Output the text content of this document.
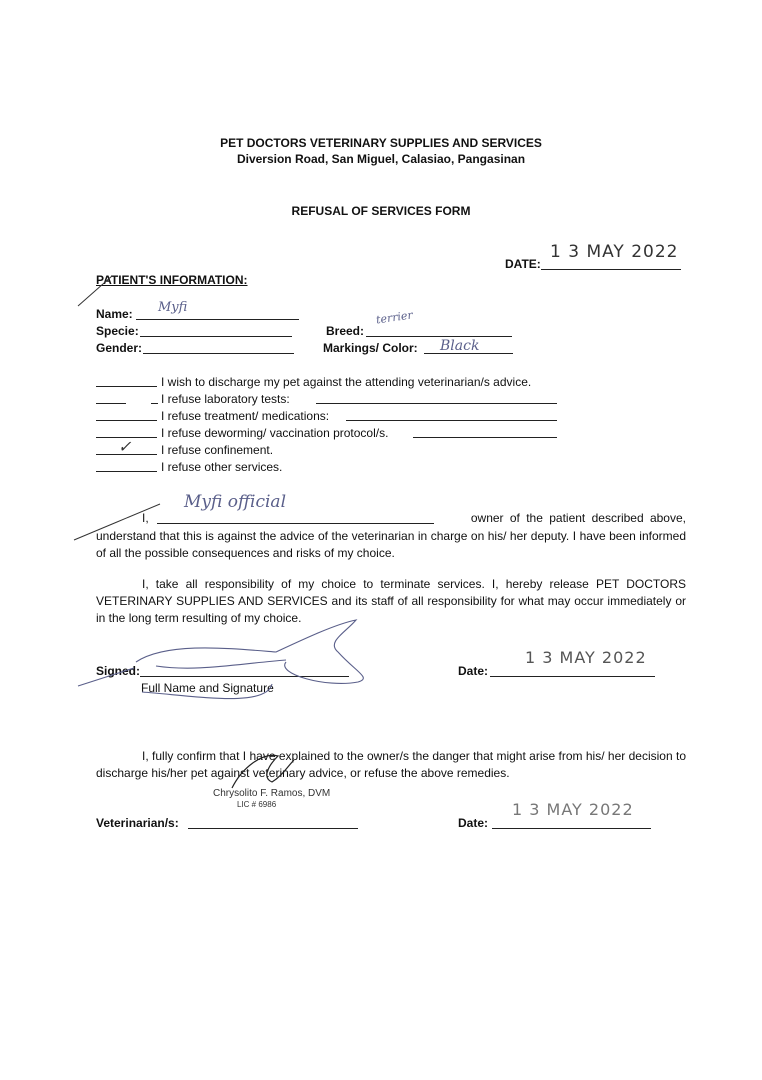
PET DOCTORS VETERINARY SUPPLIES AND SERVICES
Diversion Road, San Miguel, Calasiao, Pangasinan
REFUSAL OF SERVICES FORM
DATE:
1 3 MAY 2022
PATIENT'S INFORMATION:
Name: Myfi
Specie:	Breed:
terrier
Gender:	Markings/ Color: Black
I wish to discharge my pet against the attending veterinarian/s advice.
I refuse laboratory tests:
I refuse treatment/ medications:
I refuse deworming/ vaccination protocol/s.
✓ I refuse confinement.
I refuse other services.
I,
Myfi official
owner of the patient described above,
understand that this is against the advice of the veterinarian in charge on his/ her deputy. I have been informed of all the possible consequences and risks of my choice.
I, take all responsibility of my choice to terminate services. I, hereby release PET DOCTORS VETERINARY SUPPLIES AND SERVICES and its staff of all responsibility for what may occur immediately or in the long term resulting of my choice.
Signed:
Full Name and Signature
Date:
1 3 MAY 2022
I, fully confirm that I have explained to the owner/s the danger that might arise from his/ her decision to discharge his/her pet against veterinary advice, or refuse the above remedies.
Chrysolito F. Ramos, DVM
LIC # 6986
Veterinarian/s:	Date:
1 3 MAY 2022
